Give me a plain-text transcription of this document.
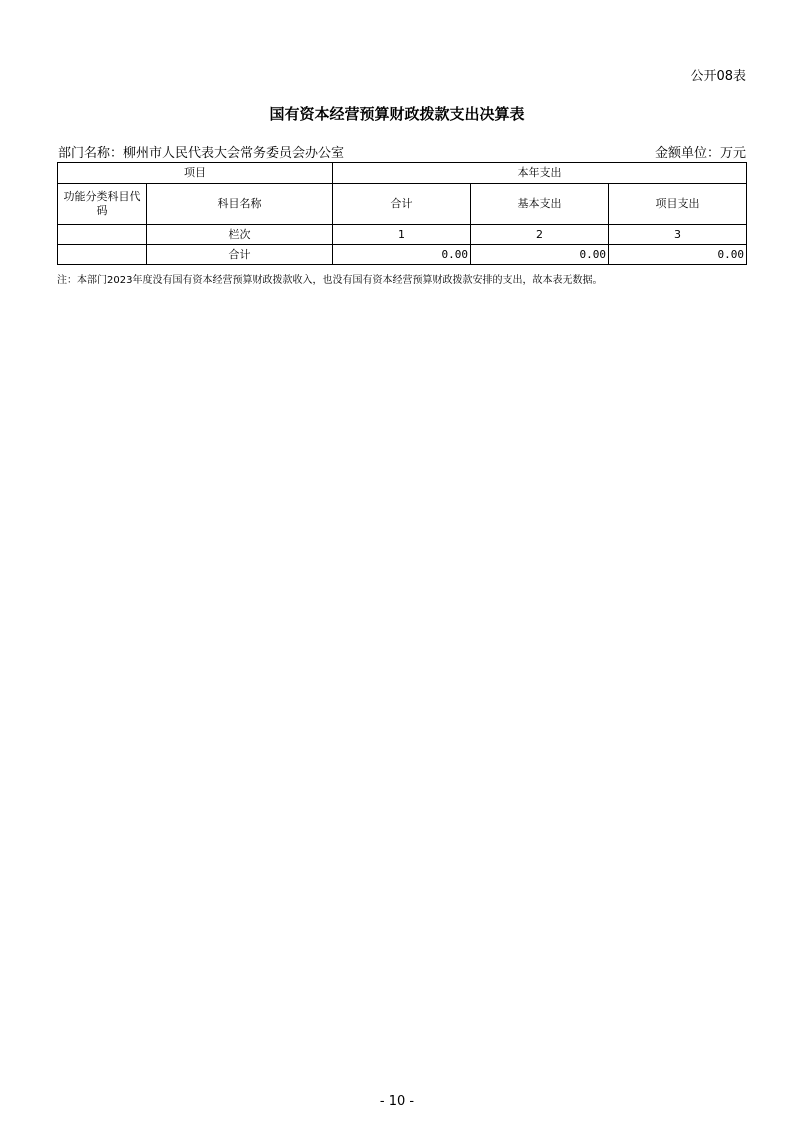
公开08表
国有资本经营预算财政拨款支出决算表
部门名称：柳州市人民代表大会常务委员会办公室	金额单位：万元
项目		本年支出		
功能分类科目代码	科目名称	合计	基本支出	项目支出
	栏次	1	2	3
	合计	0.00	0.00	0.00
注：本部门2023年度没有国有资本经营预算财政拨款收入，也没有国有资本经营预算财政拨款安排的支出，故本表无数据。
- 10 -
